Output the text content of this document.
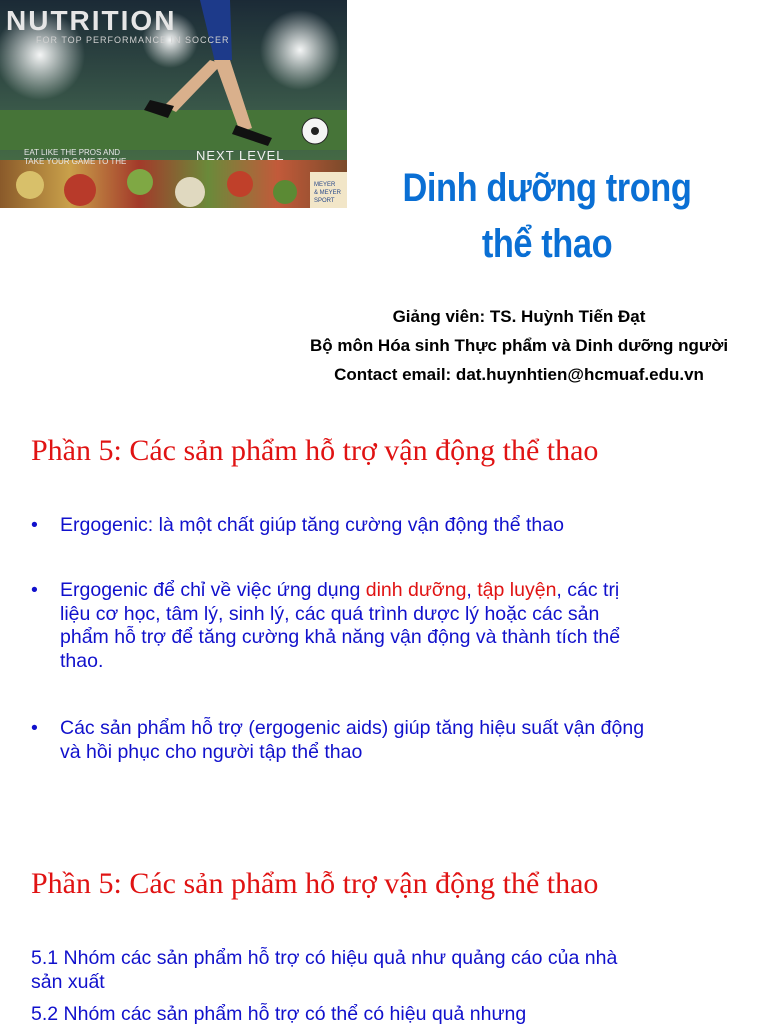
NUTRITION
FOR TOP PERFORMANCE IN SOCCER
EAT LIKE THE PROS AND
TAKE YOUR GAME TO THE	NEXT LEVEL
MEYER
& MEYER
SPORT	Dinh dưỡng trong
thể thao
Giảng viên: TS. Huỳnh Tiến Đạt
Bộ môn Hóa sinh Thực phẩm và Dinh dưỡng người
Contact email: dat.huynhtien@hcmuaf.edu.vn
Phần 5: Các sản phẩm hỗ trợ vận động thể thao
• Ergogenic: là một chất giúp tăng cường vận động thể thao
• Ergogenic để chỉ về việc ứng dụng dinh dưỡng, tập luyện, các trị liệu cơ học, tâm lý, sinh lý, các quá trình dược lý hoặc các sản phẩm hỗ trợ để tăng cường khả năng vận động và thành tích thể thao.
• Các sản phẩm hỗ trợ (ergogenic aids) giúp tăng hiệu suất vận động và hồi phục cho người tập thể thao
Phần 5: Các sản phẩm hỗ trợ vận động thể thao
5.1 Nhóm các sản phẩm hỗ trợ có hiệu quả như quảng cáo của nhà sản xuất
5.2 Nhóm các sản phẩm hỗ trợ có thể có hiệu quả nhưng
